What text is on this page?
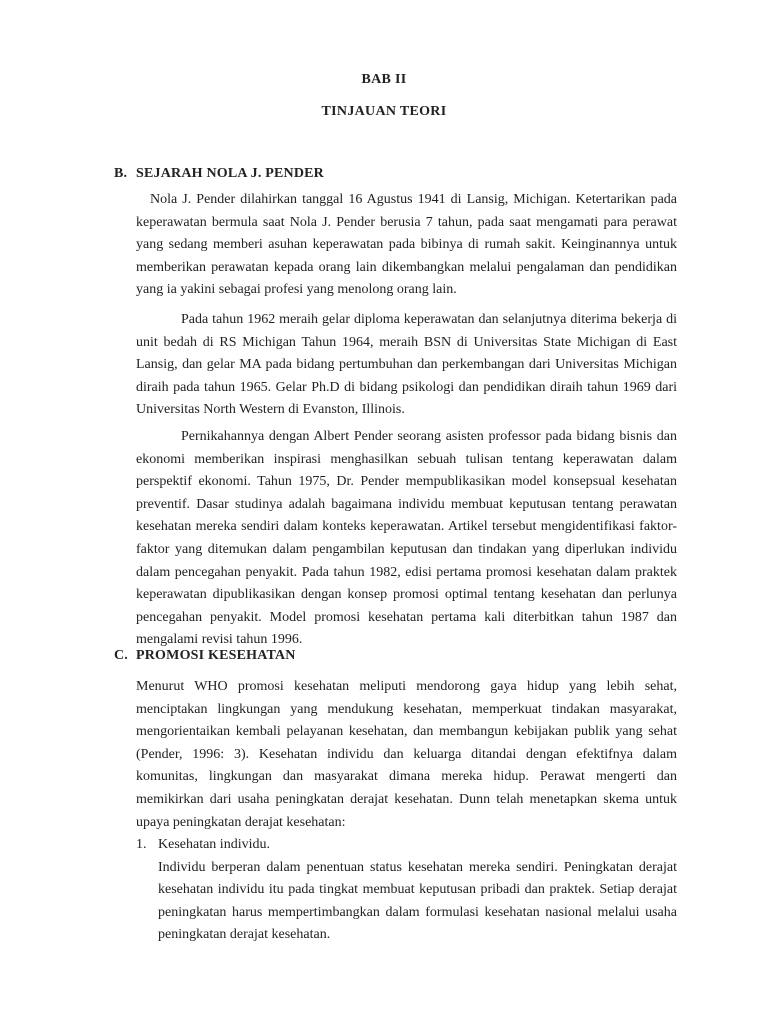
BAB II
TINJAUAN TEORI
B. SEJARAH NOLA J. PENDER

Nola J. Pender dilahirkan tanggal 16 Agustus 1941 di Lansig, Michigan. Ketertarikan pada keperawatan bermula saat Nola J. Pender berusia 7 tahun, pada saat mengamati para perawat yang sedang memberi asuhan keperawatan pada bibinya di rumah sakit. Keinginannya untuk memberikan perawatan kepada orang lain dikembangkan melalui pengalaman dan pendidikan yang ia yakini sebagai profesi yang menolong orang lain.

Pada tahun 1962 meraih gelar diploma keperawatan dan selanjutnya diterima bekerja di unit bedah di RS Michigan Tahun 1964, meraih BSN di Universitas State Michigan di East Lansig, dan gelar MA pada bidang pertumbuhan dan perkembangan dari Universitas Michigan diraih pada tahun 1965. Gelar Ph.D di bidang psikologi dan pendidikan diraih tahun 1969 dari Universitas North Western di Evanston, Illinois.

Pernikahannya dengan Albert Pender seorang asisten professor pada bidang bisnis dan ekonomi memberikan inspirasi menghasilkan sebuah tulisan tentang keperawatan dalam perspektif ekonomi. Tahun 1975, Dr. Pender mempublikasikan model konsepsual kesehatan preventif. Dasar studinya adalah bagaimana individu membuat keputusan tentang perawatan kesehatan mereka sendiri dalam konteks keperawatan. Artikel tersebut mengidentifikasi faktor-faktor yang ditemukan dalam pengambilan keputusan dan tindakan yang diperlukan individu dalam pencegahan penyakit. Pada tahun 1982, edisi pertama promosi kesehatan dalam praktek keperawatan dipublikasikan dengan konsep promosi optimal tentang kesehatan dan perlunya pencegahan penyakit. Model promosi kesehatan pertama kali diterbitkan tahun 1987 dan mengalami revisi tahun 1996.

C. PROMOSI KESEHATAN

Menurut WHO promosi kesehatan meliputi mendorong gaya hidup yang lebih sehat, menciptakan lingkungan yang mendukung kesehatan, memperkuat tindakan masyarakat, mengorientaikan kembali pelayanan kesehatan, dan membangun kebijakan publik yang sehat (Pender, 1996: 3). Kesehatan individu dan keluarga ditandai dengan efektifnya dalam komunitas, lingkungan dan masyarakat dimana mereka hidup. Perawat mengerti dan memikirkan dari usaha peningkatan derajat kesehatan. Dunn telah menetapkan skema untuk upaya peningkatan derajat kesehatan:

1. Kesehatan individu.

Individu berperan dalam penentuan status kesehatan mereka sendiri. Peningkatan derajat kesehatan individu itu pada tingkat membuat keputusan pribadi dan praktek. Setiap derajat peningkatan harus mempertimbangkan dalam formulasi kesehatan nasional melalui usaha peningkatan derajat kesehatan.
